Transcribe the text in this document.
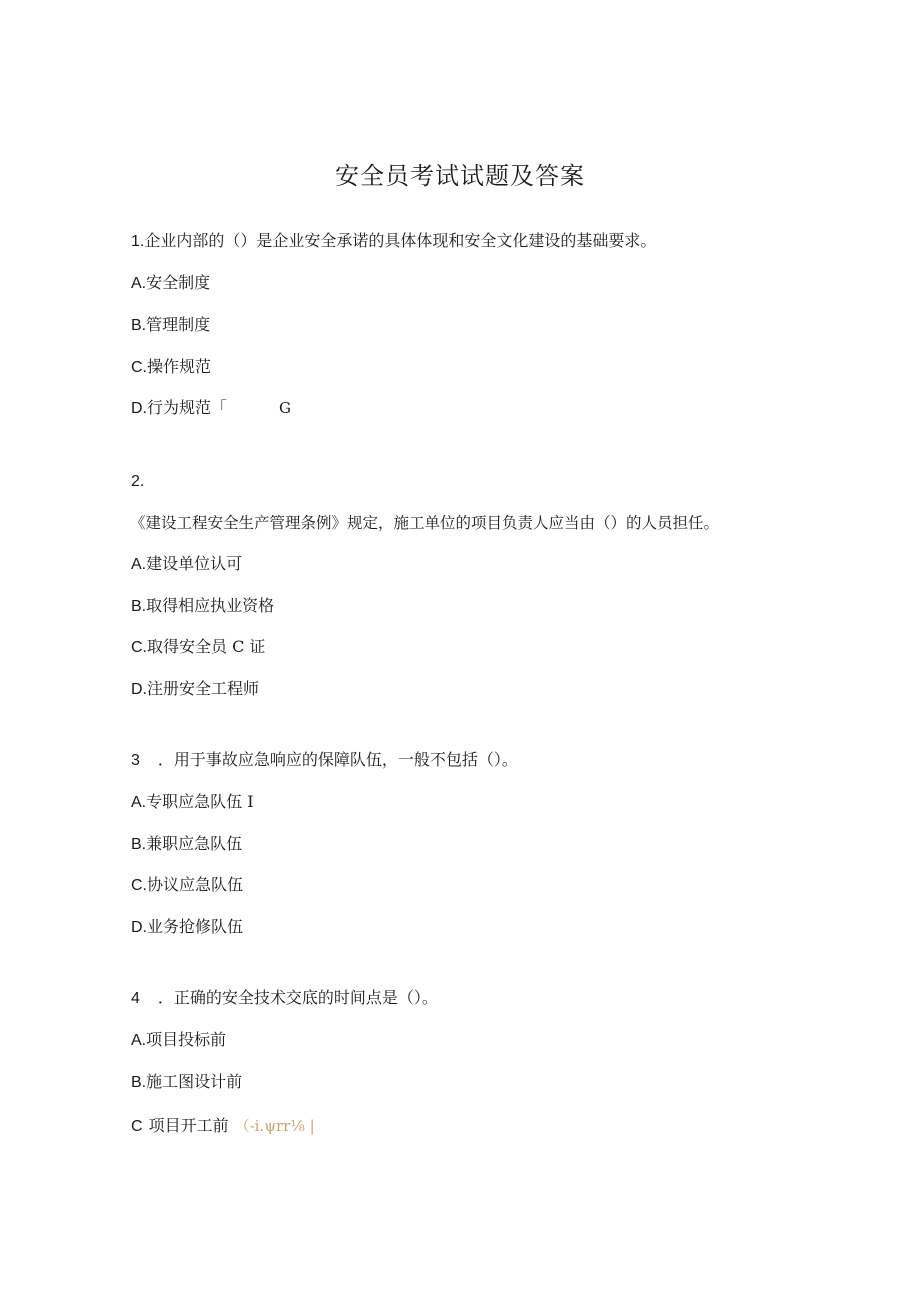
安全员考试试题及答案
1.企业内部的（）是企业安全承诺的具体体现和安全文化建设的基础要求。
A.安全制度
B.管理制度
C.操作规范
D.行为规范「	G
2.
《建设工程安全生产管理条例》规定，施工单位的项目负责人应当由（）的人员担任。
A.建设单位认可
B.取得相应执业资格
C.取得安全员 C 证
D.注册安全工程师
3 ．用于事故应急响应的保障队伍，一般不包括（）。
A.专职应急队伍 I
B.兼职应急队伍
C.协议应急队伍
D.业务抢修队伍
4 ．正确的安全技术交底的时间点是（）。
A.项目投标前
B.施工图设计前
C 项目开工前 （-i.ψrr⅛ |
